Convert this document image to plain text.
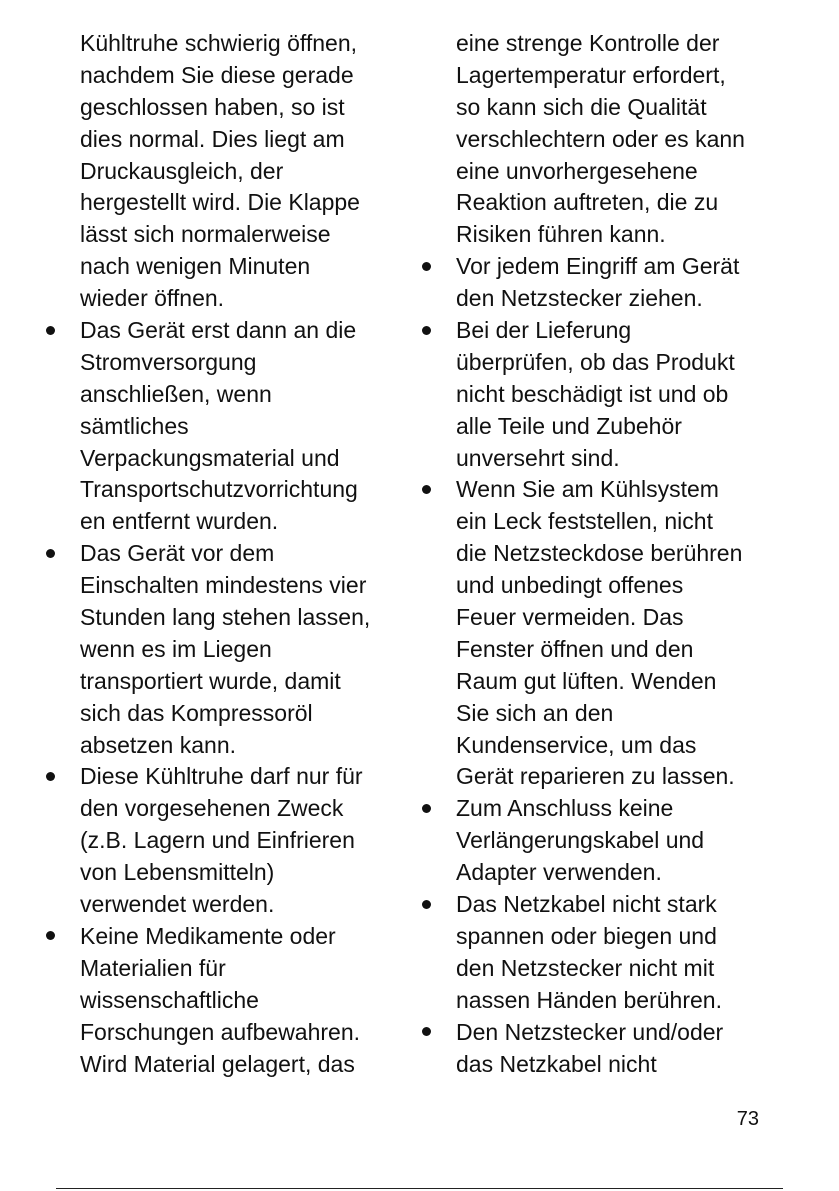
Kühltruhe schwierig öffnen,
nachdem Sie diese gerade
geschlossen haben, so ist
dies normal. Dies liegt am
Druckausgleich, der
hergestellt wird. Die Klappe
lässt sich normalerweise
nach wenigen Minuten
wieder öffnen.
Das Gerät erst dann an die
Stromversorgung
anschließen, wenn
sämtliches
Verpackungsmaterial und
Transportschutzvorrichtung
en entfernt wurden.
Das Gerät vor dem
Einschalten mindestens vier
Stunden lang stehen lassen,
wenn es im Liegen
transportiert wurde, damit
sich das Kompressoröl
absetzen kann.
Diese Kühltruhe darf nur für
den vorgesehenen Zweck
(z.B. Lagern und Einfrieren
von Lebensmitteln)
verwendet werden.
Keine Medikamente oder
Materialien für
wissenschaftliche
Forschungen aufbewahren.
Wird Material gelagert, das
eine strenge Kontrolle der
Lagertemperatur erfordert,
so kann sich die Qualität
verschlechtern oder es kann
eine unvorhergesehene
Reaktion auftreten, die zu
Risiken führen kann.
Vor jedem Eingriff am Gerät
den Netzstecker ziehen.
Bei der Lieferung
überprüfen, ob das Produkt
nicht beschädigt ist und ob
alle Teile und Zubehör
unversehrt sind.
Wenn Sie am Kühlsystem
ein Leck feststellen, nicht
die Netzsteckdose berühren
und unbedingt offenes
Feuer vermeiden. Das
Fenster öffnen und den
Raum gut lüften. Wenden
Sie sich an den
Kundenservice, um das
Gerät reparieren zu lassen.
Zum Anschluss keine
Verlängerungskabel und
Adapter verwenden.
Das Netzkabel nicht stark
spannen oder biegen und
den Netzstecker nicht mit
nassen Händen berühren.
Den Netzstecker und/oder
das Netzkabel nicht
73
